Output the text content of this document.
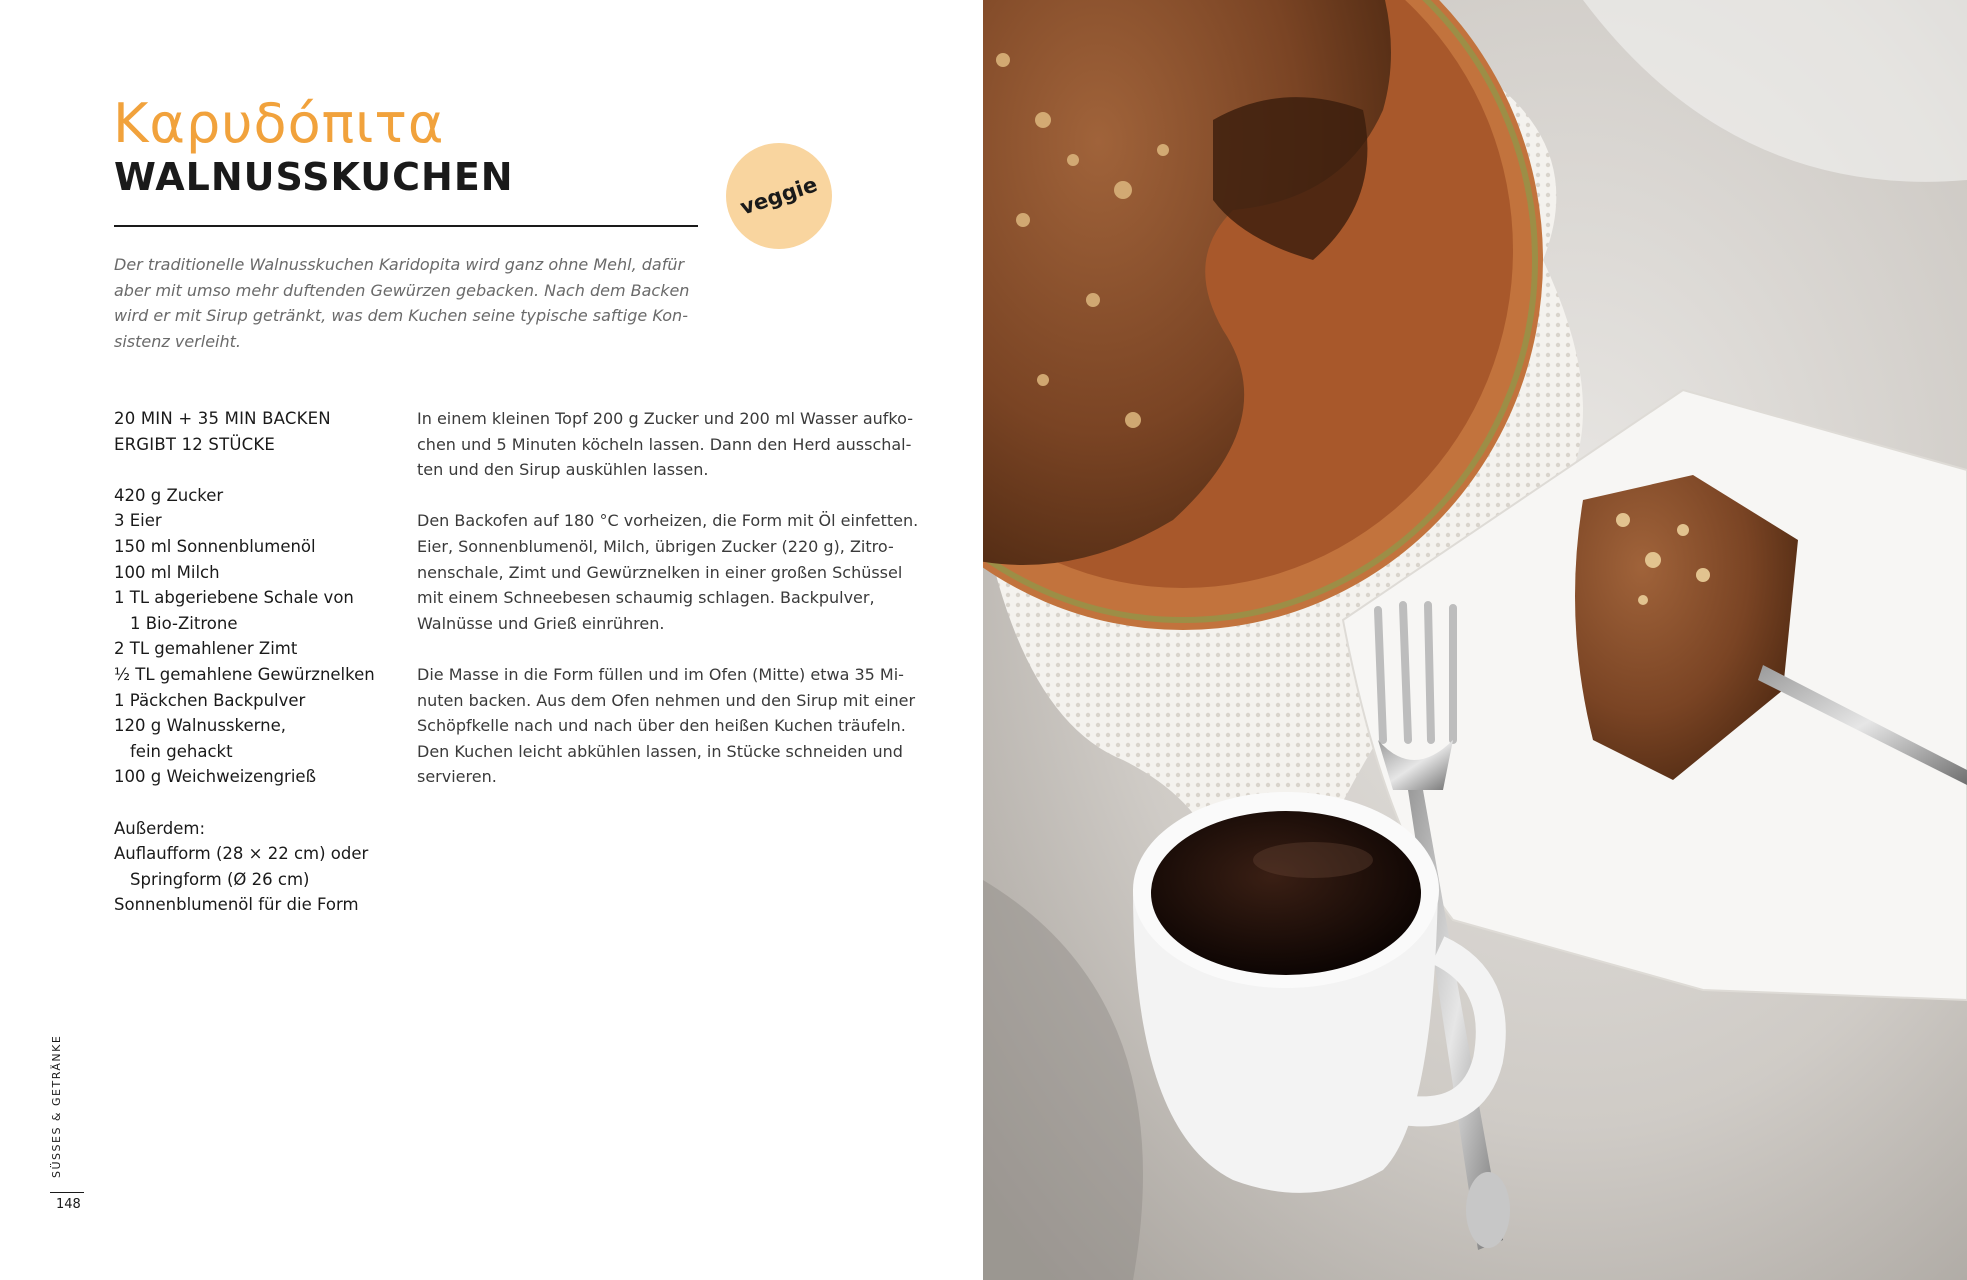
Καρυδόπιτα
WALNUSSKUCHEN	veggie
Der traditionelle Walnusskuchen Karidopita wird ganz ohne Mehl, dafür
aber mit umso mehr duftenden Gewürzen gebacken. Nach dem Backen
wird er mit Sirup getränkt, was dem Kuchen seine typische saftige Kon-
sistenz verleiht.
20 MIN + 35 MIN BACKEN
ERGIBT 12 STÜCKE
420 g Zucker
3 Eier
150 ml Sonnenblumenöl
100 ml Milch
1 TL abgeriebene Schale von
1 Bio-Zitrone
2 TL gemahlener Zimt
½ TL gemahlene Gewürznelken
1 Päckchen Backpulver
120 g Walnusskerne,
fein gehackt
100 g Weichweizengrieß
Außerdem:
Auflaufform (28 × 22 cm) oder
Springform (Ø 26 cm)
Sonnenblumenöl für die Form
In einem kleinen Topf 200 g Zucker und 200 ml Wasser aufko-
chen und 5 Minuten köcheln lassen. Dann den Herd ausschal-
ten und den Sirup auskühlen lassen.
Den Backofen auf 180 °C vorheizen, die Form mit Öl einfetten.
Eier, Sonnenblumenöl, Milch, übrigen Zucker (220 g), Zitro-
nenschale, Zimt und Gewürznelken in einer großen Schüssel
mit einem Schneebesen schaumig schlagen. Backpulver,
Walnüsse und Grieß einrühren.
Die Masse in die Form füllen und im Ofen (Mitte) etwa 35 Mi-
nuten backen. Aus dem Ofen nehmen und den Sirup mit einer
Schöpfkelle nach und nach über den heißen Kuchen träufeln.
Den Kuchen leicht abkühlen lassen, in Stücke schneiden und
servieren.
SÜSSES & GETRÄNKE
148
